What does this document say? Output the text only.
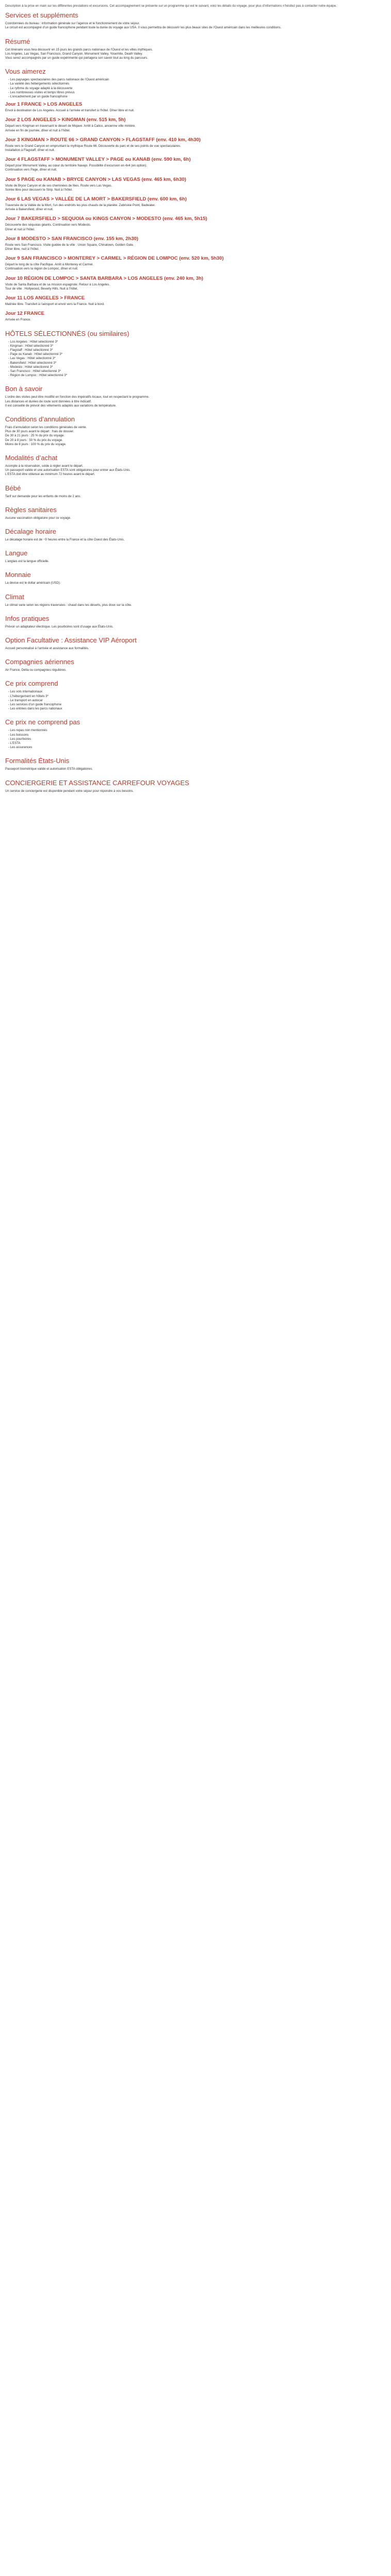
Description à la prise en main sur les différentes prestations et excursions. Cet accompagnement se présente sur un programme qui est le suivant, voici les détails du voyage, pour plus d’informations n’hésitez pas à contacter notre équipe.
Services et suppléments
Coordonnées du bureau : information générale sur l’agence et le fonctionnement de votre séjour.
Le circuit est accompagné d’un guide francophone pendant toute la durée du voyage aux USA. Il vous permettra de découvrir les plus beaux sites de l’Ouest américain dans les meilleures conditions.
Résumé
Cet itinéraire vous fera découvrir en 15 jours les grands parcs nationaux de l’Ouest et les villes mythiques.
Los Angeles, Las Vegas, San Francisco, Grand Canyon, Monument Valley, Yosemite, Death Valley.
Vous serez accompagnés par un guide expérimenté qui partagera son savoir tout au long du parcours.
Vous aimerez
- Les paysages spectaculaires des parcs nationaux de l’Ouest américain
- La variété des hébergements sélectionnés
- Le rythme du voyage adapté à la découverte
- Les nombreuses visites et temps libres prévus
- L’encadrement par un guide francophone
Jour 1 FRANCE > LOS ANGELES
Envol à destination de Los Angeles. Accueil à l’arrivée et transfert à l’hôtel. Dîner libre et nuit.
Jour 2 LOS ANGELES > KINGMAN (env. 515 km, 5h)
Départ vers Kingman en traversant le désert de Mojave. Arrêt à Calico, ancienne ville minière.
Arrivée en fin de journée, dîner et nuit à l’hôtel.
Jour 3 KINGMAN > ROUTE 66 > GRAND CANYON > FLAGSTAFF (env. 410 km, 4h30)
Route vers le Grand Canyon en empruntant la mythique Route 66. Découverte du parc et de ses points de vue spectaculaires.
Installation à Flagstaff, dîner et nuit.
Jour 4 FLAGSTAFF > MONUMENT VALLEY > PAGE ou KANAB (env. 590 km, 6h)
Départ pour Monument Valley, au cœur du territoire Navajo. Possibilité d’excursion en 4x4 (en option).
Continuation vers Page, dîner et nuit.
Jour 5 PAGE ou KANAB > BRYCE CANYON > LAS VEGAS (env. 465 km, 6h30)
Visite de Bryce Canyon et de ses cheminées de fées. Route vers Las Vegas.
Soirée libre pour découvrir le Strip. Nuit à l’hôtel.
Jour 6 LAS VEGAS > VALLÉE DE LA MORT > BAKERSFIELD (env. 600 km, 6h)
Traversée de la Vallée de la Mort, l’un des endroits les plus chauds de la planète. Zabriskie Point, Badwater.
Arrivée à Bakersfield, dîner et nuit.
Jour 7 BAKERSFIELD > SEQUOIA ou KINGS CANYON > MODESTO (env. 465 km, 5h15)
Découverte des séquoias géants. Continuation vers Modesto.
Dîner et nuit à l’hôtel.
Jour 8 MODESTO > SAN FRANCISCO (env. 155 km, 2h30)
Route vers San Francisco. Visite guidée de la ville : Union Square, Chinatown, Golden Gate.
Dîner libre, nuit à l’hôtel.
Jour 9 SAN FRANCISCO > MONTEREY > CARMEL > RÉGION DE LOMPOC (env. 520 km, 5h30)
Départ le long de la côte Pacifique. Arrêt à Monterey et Carmel.
Continuation vers la région de Lompoc, dîner et nuit.
Jour 10 RÉGION DE LOMPOC > SANTA BARBARA > LOS ANGELES (env. 240 km, 3h)
Visite de Santa Barbara et de sa mission espagnole. Retour à Los Angeles.
Tour de ville : Hollywood, Beverly Hills. Nuit à l’hôtel.
Jour 11 LOS ANGELES > FRANCE
Matinée libre. Transfert à l’aéroport et envol vers la France. Nuit à bord.
Jour 12 FRANCE
Arrivée en France.
HÔTELS SÉLECTIONNÉS (ou similaires)
- Los Angeles : Hôtel sélectionné 3*
- Kingman : Hôtel sélectionné 3*
- Flagstaff : Hôtel sélectionné 3*
- Page ou Kanab : Hôtel sélectionné 3*
- Las Vegas : Hôtel sélectionné 3*
- Bakersfield : Hôtel sélectionné 3*
- Modesto : Hôtel sélectionné 3*
- San Francisco : Hôtel sélectionné 3*
- Région de Lompoc : Hôtel sélectionné 3*
Bon à savoir
L’ordre des visites peut être modifié en fonction des impératifs locaux, tout en respectant le programme.
Les distances et durées de route sont données à titre indicatif.
Il est conseillé de prévoir des vêtements adaptés aux variations de température.
Conditions d’annulation
Frais d’annulation selon les conditions générales de vente.
Plus de 30 jours avant le départ : frais de dossier.
De 30 à 21 jours : 25 % du prix du voyage.
De 20 à 8 jours : 50 % du prix du voyage.
Moins de 8 jours : 100 % du prix du voyage.
Modalités d’achat
Acompte à la réservation, solde à régler avant le départ.
Un passeport valide et une autorisation ESTA sont obligatoires pour entrer aux États-Unis.
L’ESTA doit être obtenue au minimum 72 heures avant le départ.
Bébé
Tarif sur demande pour les enfants de moins de 2 ans.
Règles sanitaires
Aucune vaccination obligatoire pour ce voyage.
Décalage horaire
Le décalage horaire est de −9 heures entre la France et la côte Ouest des États-Unis.
Langue
L’anglais est la langue officielle.
Monnaie
La devise est le dollar américain (USD).
Climat
Le climat varie selon les régions traversées : chaud dans les déserts, plus doux sur la côte.
Infos pratiques
Prévoir un adaptateur électrique. Les pourboires sont d’usage aux États-Unis.
Option Facultative : Assistance VIP Aéroport
Accueil personnalisé à l’arrivée et assistance aux formalités.
Compagnies aériennes
Air France, Delta ou compagnies régulières.
Ce prix comprend
- Les vols internationaux
- L’hébergement en hôtels 3*
- Le transport en autocar
- Les services d’un guide francophone
- Les entrées dans les parcs nationaux
Ce prix ne comprend pas
- Les repas non mentionnés
- Les boissons
- Les pourboires
- L’ESTA
- Les assurances
Formalités États-Unis
Passeport biométrique valide et autorisation ESTA obligatoires.
CONCIERGERIE ET ASSISTANCE CARREFOUR VOYAGES
Un service de conciergerie est disponible pendant votre séjour pour répondre à vos besoins.
